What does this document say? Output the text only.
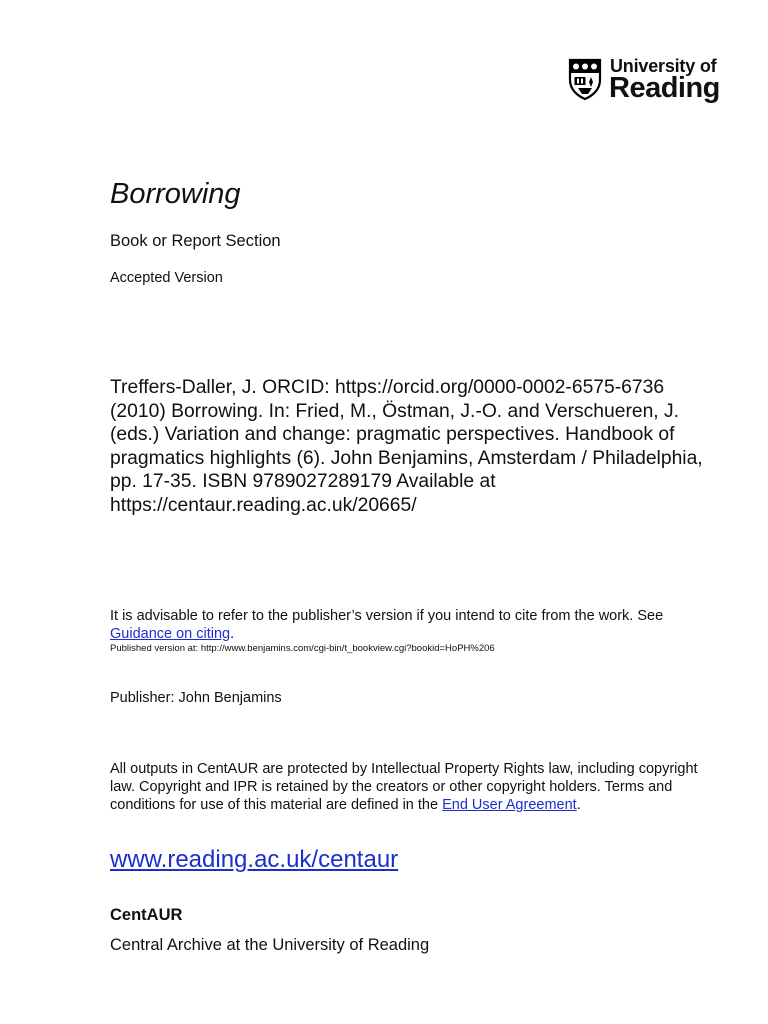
University of
Reading
Borrowing
Book or Report Section
Accepted Version
Treffers-Daller, J. ORCID: https://orcid.org/0000-0002-6575-6736 (2010) Borrowing. In: Fried, M., Östman, J.-O. and Verschueren, J. (eds.) Variation and change: pragmatic perspectives. Handbook of pragmatics highlights (6). John Benjamins, Amsterdam / Philadelphia, pp. 17-35. ISBN 9789027289179 Available at https://centaur.reading.ac.uk/20665/
It is advisable to refer to the publisher’s version if you intend to cite from the work. See Guidance on citing.
Published version at: http://www.benjamins.com/cgi-bin/t_bookview.cgi?bookid=HoPH%206
Publisher: John Benjamins
All outputs in CentAUR are protected by Intellectual Property Rights law, including copyright law. Copyright and IPR is retained by the creators or other copyright holders. Terms and conditions for use of this material are defined in the End User Agreement.
www.reading.ac.uk/centaur
CentAUR
Central Archive at the University of Reading
